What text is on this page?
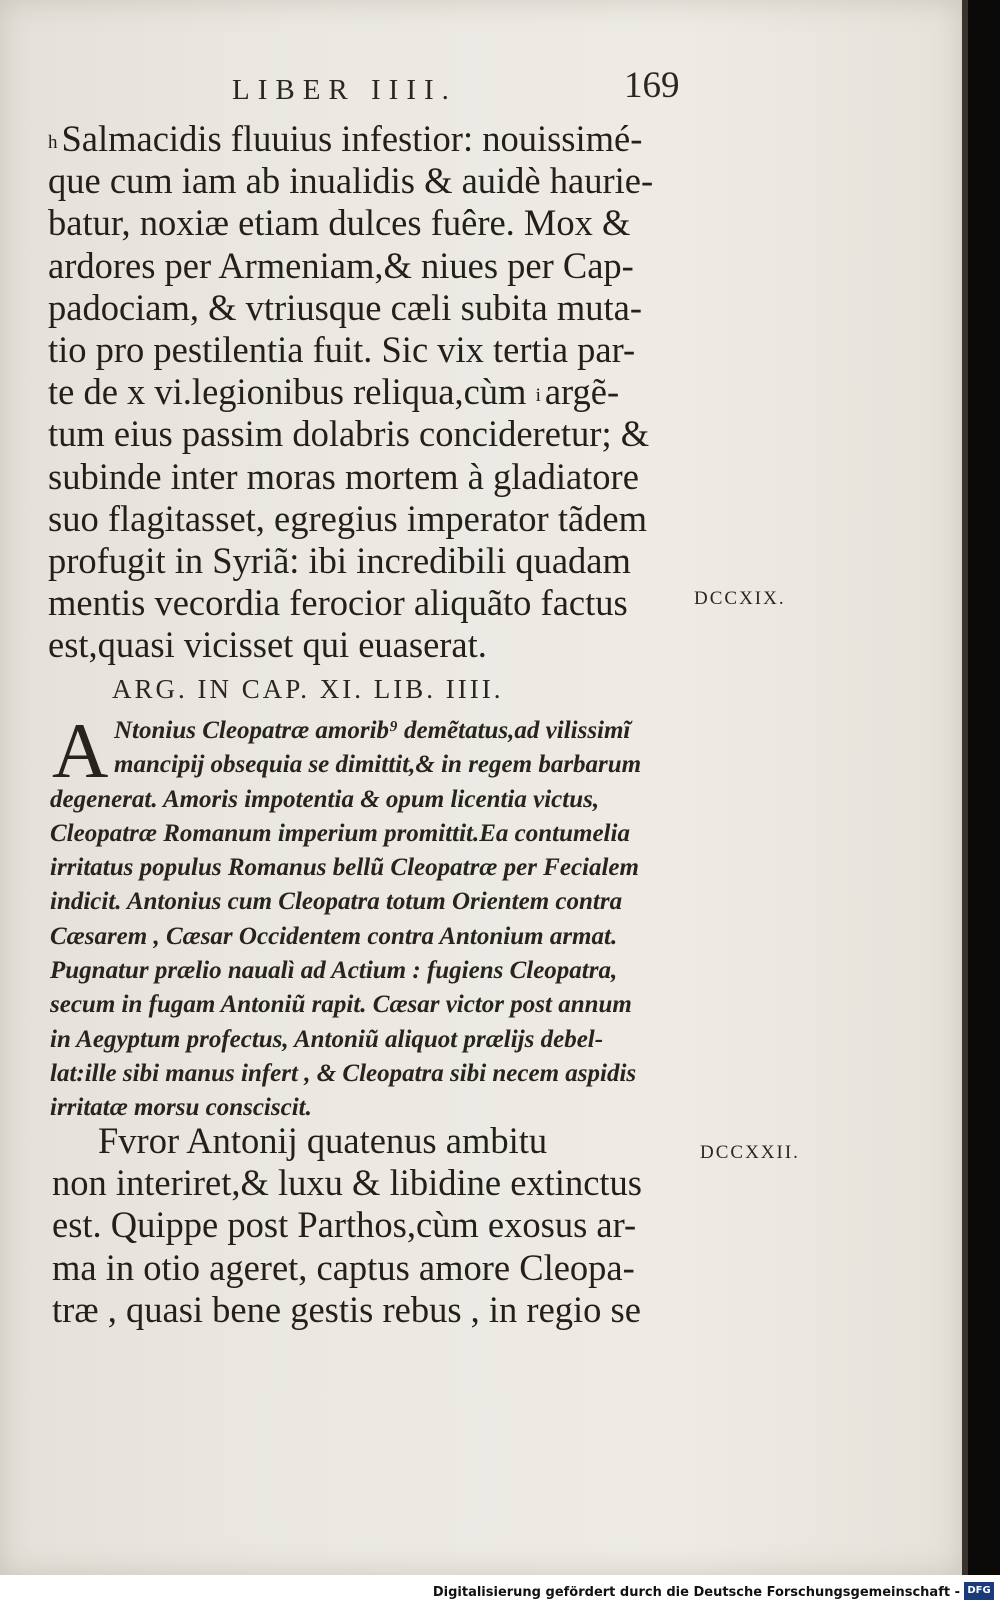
LIBER IIII.	169
$^h$ Salmacidis fluuius infestior: nouissimé-
que cum iam ab inualidis & auidè haurie-
batur, noxiæ etiam dulces fuêre. Mox &
ardores per Armeniam,& niues per Cap-
padociam, & vtriusque cæli subita muta-
tio pro pestilentia fuit. Sic vix tertia par-
te de x vi.legionibus reliqua,cùm $^i$ argẽ-
tum eius passim dolabris concideretur; &
subinde inter moras mortem à gladiatore
suo flagitasset, egregius imperator tãdem
profugit in Syriã: ibi incredibili quadam
mentis vecordia ferocior aliquãto factus
est,quasi vicisset qui euaserat.
DCCXIX.
ARG. IN CAP. XI. LIB. IIII.
A Ntonius Cleopatræ amorib⁹ demẽtatus,ad vilissimĩ
mancipij obsequia se dimittit,& in regem barbarum
degenerat. Amoris impotentia & opum licentia victus,
Cleopatræ Romanum imperium promittit.Ea contumelia
irritatus populus Romanus bellũ Cleopatræ per Fecialem
indicit. Antonius cum Cleopatra totum Orientem contra
Cæsarem , Cæsar Occidentem contra Antonium armat.
Pugnatur prælio naualì ad Actium : fugiens Cleopatra,
secum in fugam Antoniũ rapit. Cæsar victor post annum
in Aegyptum profectus, Antoniũ aliquot prælijs debel-
lat:ille sibi manus infert , & Cleopatra sibi necem aspidis
irritatæ morsu consciscit.
Fvror Antonij quatenus ambitu
non interiret,& luxu & libidine extinctus
est. Quippe post Parthos,cùm exosus ar-
ma in otio ageret, captus amore Cleopa-
træ , quasi bene gestis rebus , in regio se
DCCXXII.
Digitalisierung gefördert durch die Deutsche Forschungsgemeinschaft - DFG
